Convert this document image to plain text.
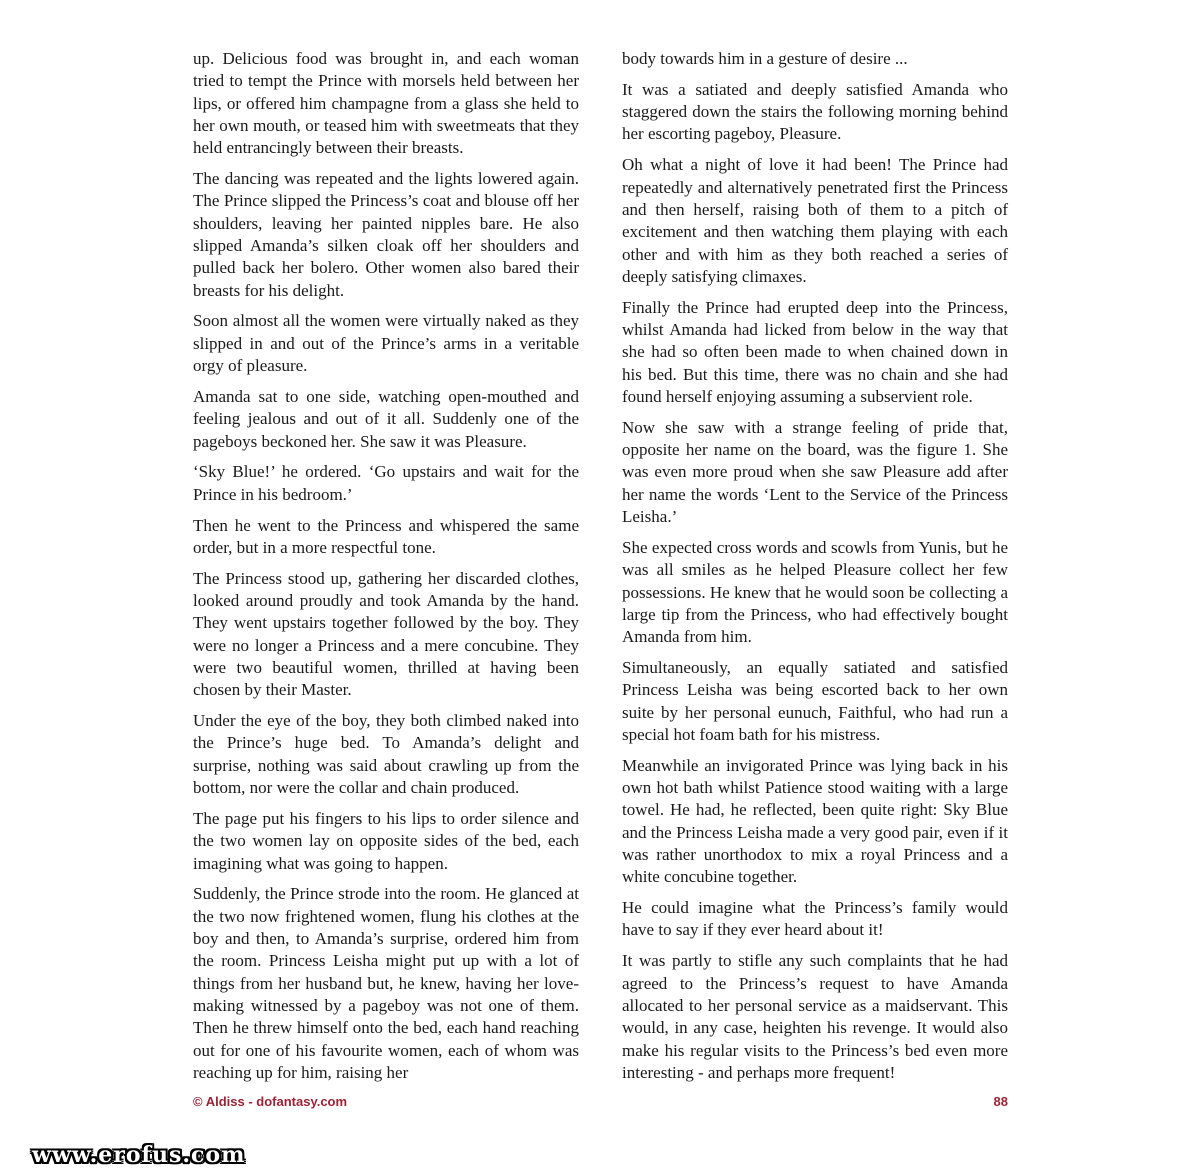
up. Delicious food was brought in, and each woman tried to tempt the Prince with morsels held between her lips, or offered him champagne from a glass she held to her own mouth, or teased him with sweetmeats that they held entrancingly between their breasts.

The dancing was repeated and the lights lowered again. The Prince slipped the Princess’s coat and blouse off her shoulders, leaving her painted nipples bare. He also slipped Amanda’s silken cloak off her shoulders and pulled back her bolero. Other women also bared their breasts for his delight.

Soon almost all the women were virtually naked as they slipped in and out of the Prince’s arms in a veritable orgy of pleasure.

Amanda sat to one side, watching open-mouthed and feeling jealous and out of it all. Suddenly one of the pageboys beckoned her. She saw it was Pleasure.

‘Sky Blue!’ he ordered. ‘Go upstairs and wait for the Prince in his bedroom.’

Then he went to the Princess and whispered the same order, but in a more respectful tone.

The Princess stood up, gathering her discarded clothes, looked around proudly and took Amanda by the hand. They went upstairs together followed by the boy. They were no longer a Princess and a mere concubine. They were two beautiful women, thrilled at having been chosen by their Master.

Under the eye of the boy, they both climbed naked into the Prince’s huge bed. To Amanda’s delight and surprise, nothing was said about crawling up from the bottom, nor were the collar and chain produced.

The page put his fingers to his lips to order silence and the two women lay on opposite sides of the bed, each imagining what was going to happen.

Suddenly, the Prince strode into the room. He glanced at the two now frightened women, flung his clothes at the boy and then, to Amanda’s surprise, ordered him from the room. Princess Leisha might put up with a lot of things from her husband but, he knew, having her love-making witnessed by a pageboy was not one of them. Then he threw himself onto the bed, each hand reaching out for one of his favourite women, each of whom was reaching up for him, raising her

body towards him in a gesture of desire ...

It was a satiated and deeply satisfied Amanda who staggered down the stairs the following morning behind her escorting pageboy, Pleasure.

Oh what a night of love it had been! The Prince had repeatedly and alternatively penetrated first the Princess and then herself, raising both of them to a pitch of excitement and then watching them playing with each other and with him as they both reached a series of deeply satisfying climaxes.

Finally the Prince had erupted deep into the Princess, whilst Amanda had licked from below in the way that she had so often been made to when chained down in his bed. But this time, there was no chain and she had found herself enjoying assuming a subservient role.

Now she saw with a strange feeling of pride that, opposite her name on the board, was the figure 1. She was even more proud when she saw Pleasure add after her name the words ‘Lent to the Service of the Princess Leisha.’

She expected cross words and scowls from Yunis, but he was all smiles as he helped Pleasure collect her few possessions. He knew that he would soon be collecting a large tip from the Princess, who had effectively bought Amanda from him.

Simultaneously, an equally satiated and satisfied Princess Leisha was being escorted back to her own suite by her personal eunuch, Faithful, who had run a special hot foam bath for his mistress.

Meanwhile an invigorated Prince was lying back in his own hot bath whilst Patience stood waiting with a large towel. He had, he reflected, been quite right: Sky Blue and the Princess Leisha made a very good pair, even if it was rather unorthodox to mix a royal Princess and a white concubine together.

He could imagine what the Princess’s family would have to say if they ever heard about it!

It was partly to stifle any such complaints that he had agreed to the Princess’s request to have Amanda allocated to her personal service as a maidservant. This would, in any case, heighten his revenge. It would also make his regular visits to the Princess’s bed even more interesting - and perhaps more frequent!

© Aldiss - dofantasy.com	88
www.erofus.com
